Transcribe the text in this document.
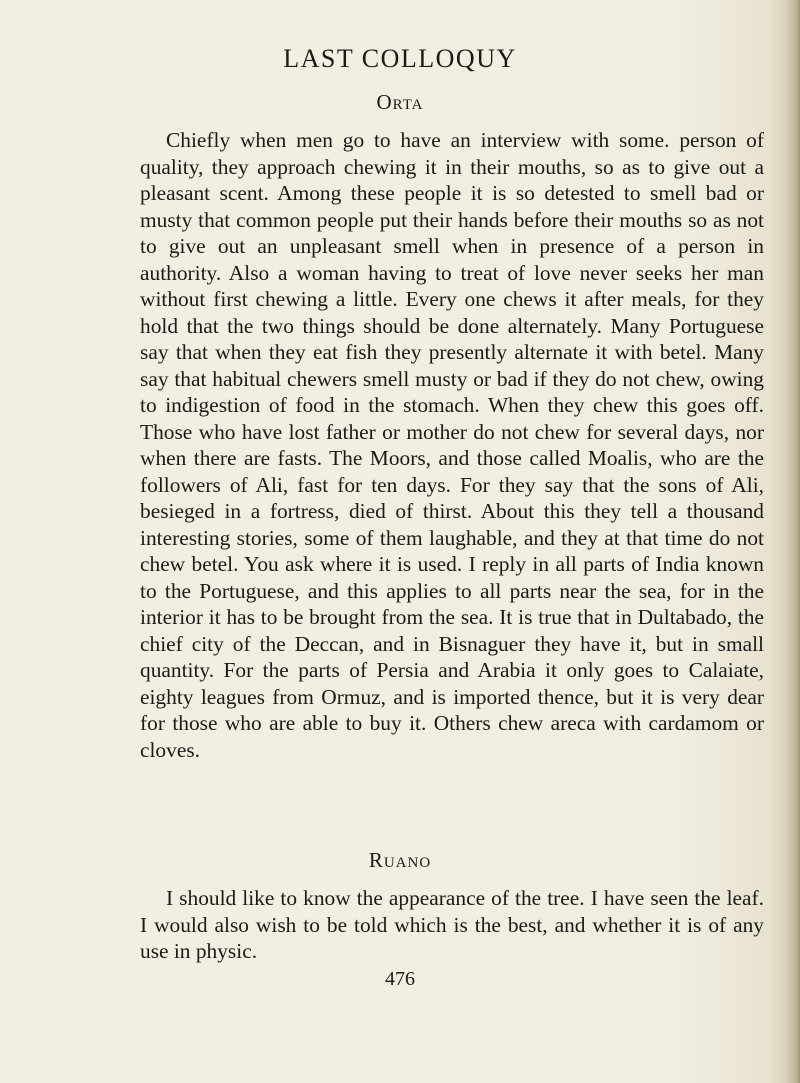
LAST COLLOQUY
Orta

Chiefly when men go to have an interview with some. person of quality, they approach chewing it in their mouths, so as to give out a pleasant scent. Among these people it is so detested to smell bad or musty that common people put their hands before their mouths so as not to give out an unpleasant smell when in presence of a person in authority. Also a woman having to treat of love never seeks her man without first chewing a little. Every one chews it after meals, for they hold that the two things should be done alternately. Many Portuguese say that when they eat fish they presently alternate it with betel. Many say that habitual chewers smell musty or bad if they do not chew, owing to indigestion of food in the stomach. When they chew this goes off. Those who have lost father or mother do not chew for several days, nor when there are fasts. The Moors, and those called Moalis, who are the followers of Ali, fast for ten days. For they say that the sons of Ali, besieged in a fortress, died of thirst. About this they tell a thousand interesting stories, some of them laughable, and they at that time do not chew betel. You ask where it is used. I reply in all parts of India known to the Portuguese, and this applies to all parts near the sea, for in the interior it has to be brought from the sea. It is true that in Dultabado, the chief city of the Deccan, and in Bisnaguer they have it, but in small quantity. For the parts of Persia and Arabia it only goes to Calaiate, eighty leagues from Ormuz, and is imported thence, but it is very dear for those who are able to buy it. Others chew areca with cardamom or cloves.

Ruano

I should like to know the appearance of the tree. I have seen the leaf. I would also wish to be told which is the best, and whether it is of any use in physic.

476
